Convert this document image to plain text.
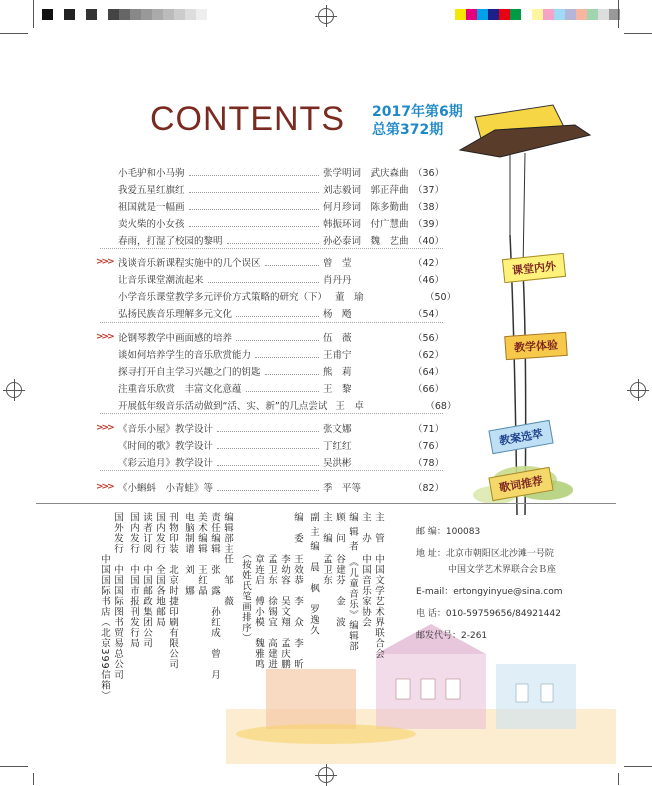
CONTENTS 2017年第6期
总第372期
课堂内外
教学体验
教案选萃
歌词推荐
小毛驴和小马驹	张学明词　武庆森曲 （36）
我爱五星红旗红	刘志毅词　郭正萍曲 （37）
祖国就是一幅画	何月珍词　陈多勤曲 （38）
卖火柴的小女孩	韩振环词　付广慧曲 （39）
春雨，打湿了校园的黎明	孙必泰词　魏　艺曲 （40）
>>> 浅谈音乐新课程实施中的几个误区	曾　莹	（42）
让音乐课堂潮流起来	肖丹丹	（46）
小学音乐课堂教学多元评价方式策略的研究（下） 董　瑜	（50）
弘扬民族音乐理解多元文化	杨　飏	（54）
>>> 论钢琴教学中画面感的培养	伍　薇	（56）
谈如何培养学生的音乐欣赏能力	王甫宁	（62）
探寻打开自主学习兴趣之门的钥匙	熊　莉	（64）
注重音乐欣赏　丰富文化意蕴	王　黎	（66）
开展低年级音乐活动做到“活、实、新”的几点尝试 王　卓	（68）
>>> 《音乐小屋》教学设计	张文娜	（71）
《时间的歌》教学设计	丁红红	（76）
《彩云追月》教学设计	吴洪彬	（78）
>>> 《小蝌蚪　小青蛙》等	季　平等	（82）
主　管　中国文学艺术界联合会
主　办　中国音乐家协会
编 辑 者　《儿童音乐》编辑部
顾　问　谷建芬　金　波
主　编　孟卫东
副 主 编　晨　枫　罗逸久
编　委　王效恭　李　众　李　昕
　　　　李幼容　吴文翔　孟庆鹏
　　　　孟卫东　徐锡宜　高建进
　　　　章连启　傅小模　魏雅鸣
　　　　（按姓氏笔画排序）
编辑部主任　邹　薇
责任编辑　张　露　孙红成　曾　月
美术编辑　王红晶
电脑制谱　刘　娜
刊物印装　北京时捷印刷有限公司
国内发行　全国各地邮局
读者订阅　中国邮政集团公司
国内发行　中国市报刊发行局
国外发行　中国国际图书贸易总公司
　　　　中国国际书店（北京399信箱）	邮 编：100083
地 址：北京市朝阳区北沙滩一号院
中国文学艺术界联合会Ｂ座
E-mail：ertongyinyue@sina.com
电 话：010-59759656/84921442
邮发代号：2-261
